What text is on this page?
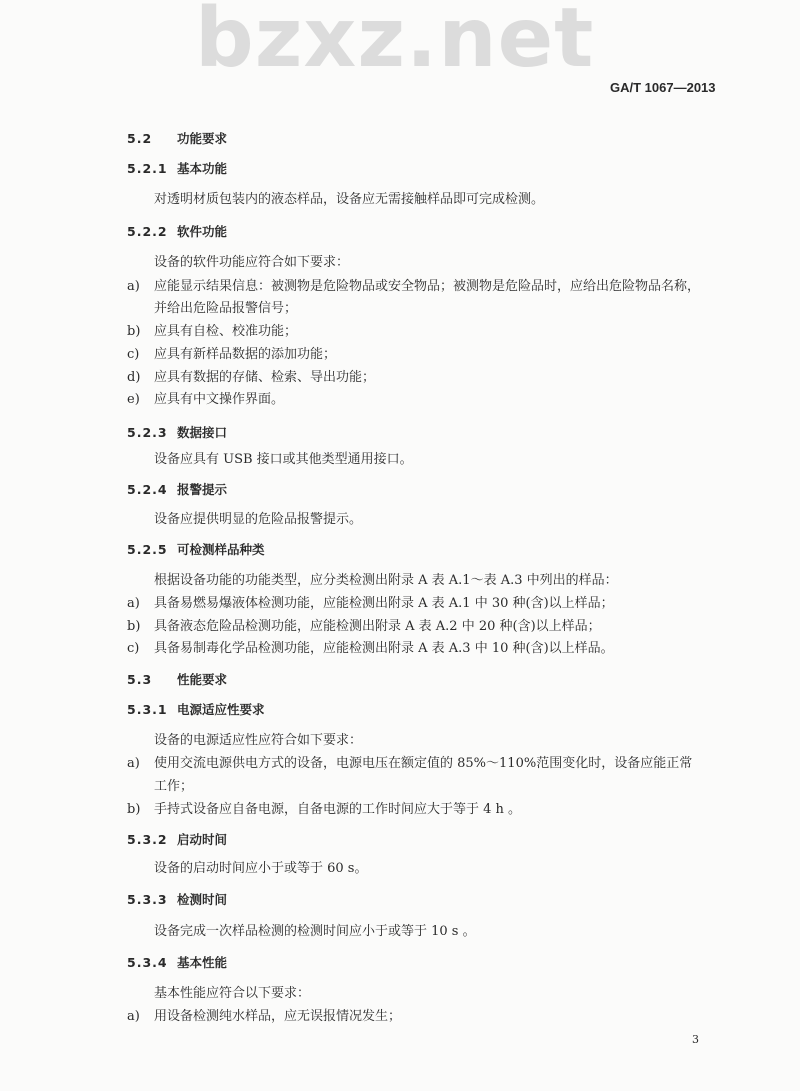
bzxz.net
GA/T 1067—2013
5.2 功能要求
5.2.1 基本功能
对透明材质包装内的液态样品，设备应无需接触样品即可完成检测。
5.2.2 软件功能
设备的软件功能应符合如下要求：
a) 应能显示结果信息：被测物是危险物品或安全物品；被测物是危险品时，应给出危险物品名称，
并给出危险品报警信号；
b) 应具有自检、校准功能；
c) 应具有新样品数据的添加功能；
d) 应具有数据的存储、检索、导出功能；
e) 应具有中文操作界面。
5.2.3 数据接口
设备应具有 USB 接口或其他类型通用接口。
5.2.4 报警提示
设备应提供明显的危险品报警提示。
5.2.5 可检测样品种类
根据设备功能的功能类型，应分类检测出附录 A 表 A.1～表 A.3 中列出的样品：
a) 具备易燃易爆液体检测功能，应能检测出附录 A 表 A.1 中 30 种(含)以上样品；
b) 具备液态危险品检测功能，应能检测出附录 A 表 A.2 中 20 种(含)以上样品；
c) 具备易制毒化学品检测功能，应能检测出附录 A 表 A.3 中 10 种(含)以上样品。
5.3 性能要求
5.3.1 电源适应性要求
设备的电源适应性应符合如下要求：
a) 使用交流电源供电方式的设备，电源电压在额定值的 85%～110%范围变化时，设备应能正常
工作；
b) 手持式设备应自备电源，自备电源的工作时间应大于等于 4 h 。
5.3.2 启动时间
设备的启动时间应小于或等于 60 s。
5.3.3 检测时间
设备完成一次样品检测的检测时间应小于或等于 10 s 。
5.3.4 基本性能
基本性能应符合以下要求：
a) 用设备检测纯水样品，应无误报情况发生；
3
